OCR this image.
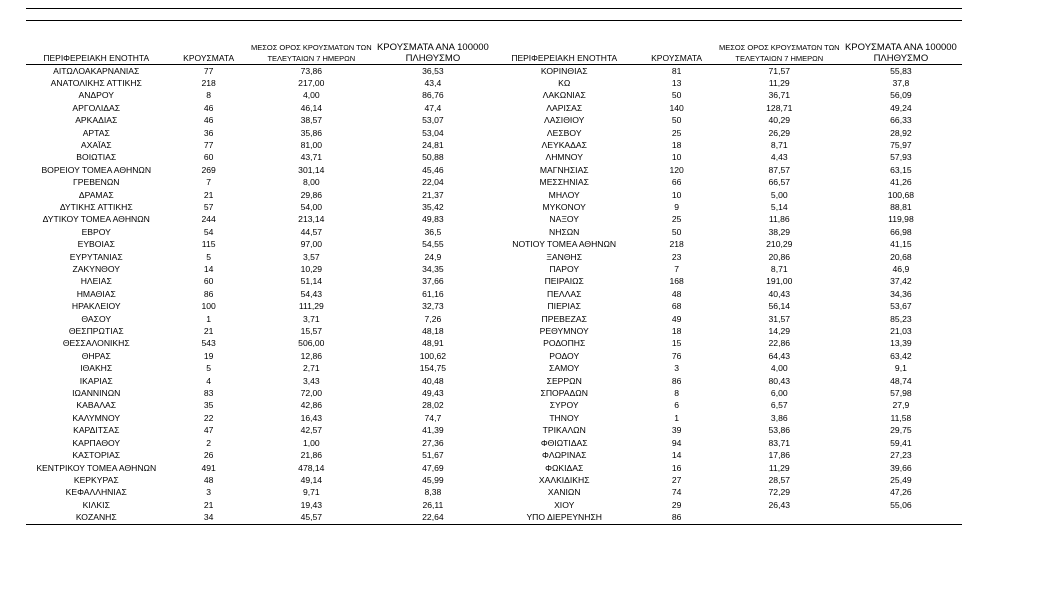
ΠΕΡΙΦΕΡΕΙΑΚΗ ΕΝΟΤΗΤΑ	ΚΡΟΥΣΜΑΤΑ	ΜΕΣΟΣ ΟΡΟΣ ΚΡΟΥΣΜΑΤΩΝ ΤΩΝ ΤΕΛΕΥΤΑΙΩΝ 7 ΗΜΕΡΩΝ	ΚΡΟΥΣΜΑΤΑ ΑΝΑ 100000 ΠΛΗΘΥΣΜΟ	ΠΕΡΙΦΕΡΕΙΑΚΗ ΕΝΟΤΗΤΑ	ΚΡΟΥΣΜΑΤΑ	ΜΕΣΟΣ ΟΡΟΣ ΚΡΟΥΣΜΑΤΩΝ ΤΩΝ ΤΕΛΕΥΤΑΙΩΝ 7 ΗΜΕΡΩΝ	ΚΡΟΥΣΜΑΤΑ ΑΝΑ 100000 ΠΛΗΘΥΣΜΟ
ΑΙΤΩΛΟΑΚΑΡΝΑΝΙΑΣ	77	73,86	36,53	ΚΟΡΙΝΘΙΑΣ	81	71,57	55,83
ΑΝΑΤΟΛΙΚΗΣ ΑΤΤΙΚΗΣ	218	217,00	43,4	ΚΩ	13	11,29	37,8
ΑΝΔΡΟΥ	8	4,00	86,76	ΛΑΚΩΝΙΑΣ	50	36,71	56,09
ΑΡΓΟΛΙΔΑΣ	46	46,14	47,4	ΛΑΡΙΣΑΣ	140	128,71	49,24
ΑΡΚΑΔΙΑΣ	46	38,57	53,07	ΛΑΣΙΘΙΟΥ	50	40,29	66,33
ΑΡΤΑΣ	36	35,86	53,04	ΛΕΣΒΟΥ	25	26,29	28,92
ΑΧΑΪΑΣ	77	81,00	24,81	ΛΕΥΚΑΔΑΣ	18	8,71	75,97
ΒΟΙΩΤΙΑΣ	60	43,71	50,88	ΛΗΜΝΟΥ	10	4,43	57,93
ΒΟΡΕΙΟΥ ΤΟΜΕΑ ΑΘΗΝΩΝ	269	301,14	45,46	ΜΑΓΝΗΣΙΑΣ	120	87,57	63,15
ΓΡΕΒΕΝΩΝ	7	8,00	22,04	ΜΕΣΣΗΝΙΑΣ	66	66,57	41,26
ΔΡΑΜΑΣ	21	29,86	21,37	ΜΗΛΟΥ	10	5,00	100,68
ΔΥΤΙΚΗΣ ΑΤΤΙΚΗΣ	57	54,00	35,42	ΜΥΚΟΝΟΥ	9	5,14	88,81
ΔΥΤΙΚΟΥ ΤΟΜΕΑ ΑΘΗΝΩΝ	244	213,14	49,83	ΝΑΞΟΥ	25	11,86	119,98
ΕΒΡΟΥ	54	44,57	36,5	ΝΗΣΩΝ	50	38,29	66,98
ΕΥΒΟΙΑΣ	115	97,00	54,55	ΝΟΤΙΟΥ ΤΟΜΕΑ ΑΘΗΝΩΝ	218	210,29	41,15
ΕΥΡΥΤΑΝΙΑΣ	5	3,57	24,9	ΞΑΝΘΗΣ	23	20,86	20,68
ΖΑΚΥΝΘΟΥ	14	10,29	34,35	ΠΑΡΟΥ	7	8,71	46,9
ΗΛΕΙΑΣ	60	51,14	37,66	ΠΕΙΡΑΙΩΣ	168	191,00	37,42
ΗΜΑΘΙΑΣ	86	54,43	61,16	ΠΕΛΛΑΣ	48	40,43	34,36
ΗΡΑΚΛΕΙΟΥ	100	111,29	32,73	ΠΙΕΡΙΑΣ	68	56,14	53,67
ΘΑΣΟΥ	1	3,71	7,26	ΠΡΕΒΕΖΑΣ	49	31,57	85,23
ΘΕΣΠΡΩΤΙΑΣ	21	15,57	48,18	ΡΕΘΥΜΝΟΥ	18	14,29	21,03
ΘΕΣΣΑΛΟΝΙΚΗΣ	543	506,00	48,91	ΡΟΔΟΠΗΣ	15	22,86	13,39
ΘΗΡΑΣ	19	12,86	100,62	ΡΟΔΟΥ	76	64,43	63,42
ΙΘΑΚΗΣ	5	2,71	154,75	ΣΑΜΟΥ	3	4,00	9,1
ΙΚΑΡΙΑΣ	4	3,43	40,48	ΣΕΡΡΩΝ	86	80,43	48,74
ΙΩΑΝΝΙΝΩΝ	83	72,00	49,43	ΣΠΟΡΑΔΩΝ	8	6,00	57,98
ΚΑΒΑΛΑΣ	35	42,86	28,02	ΣΥΡΟΥ	6	6,57	27,9
ΚΑΛΥΜΝΟΥ	22	16,43	74,7	ΤΗΝΟΥ	1	3,86	11,58
ΚΑΡΔΙΤΣΑΣ	47	42,57	41,39	ΤΡΙΚΑΛΩΝ	39	53,86	29,75
ΚΑΡΠΑΘΟΥ	2	1,00	27,36	ΦΘΙΩΤΙΔΑΣ	94	83,71	59,41
ΚΑΣΤΟΡΙΑΣ	26	21,86	51,67	ΦΛΩΡΙΝΑΣ	14	17,86	27,23
ΚΕΝΤΡΙΚΟΥ ΤΟΜΕΑ ΑΘΗΝΩΝ	491	478,14	47,69	ΦΩΚΙΔΑΣ	16	11,29	39,66
ΚΕΡΚΥΡΑΣ	48	49,14	45,99	ΧΑΛΚΙΔΙΚΗΣ	27	28,57	25,49
ΚΕΦΑΛΛΗΝΙΑΣ	3	9,71	8,38	ΧΑΝΙΩΝ	74	72,29	47,26
ΚΙΛΚΙΣ	21	19,43	26,11	ΧΙΟΥ	29	26,43	55,06
ΚΟΖΑΝΗΣ	34	45,57	22,64	ΥΠΟ ΔΙΕΡΕΥΝΗΣΗ	86		
